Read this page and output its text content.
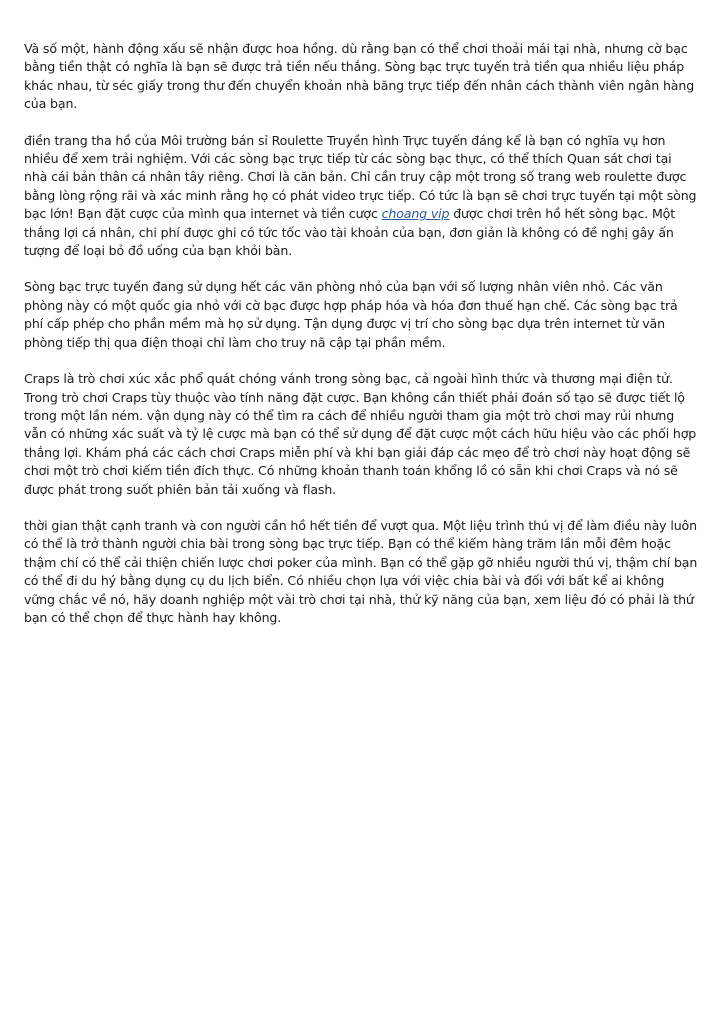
Và số một, hành động xấu sẽ nhận được hoa hồng. dù rằng bạn có thể chơi thoải mái tại nhà, nhưng cờ bạc bằng tiền thật có nghĩa là bạn sẽ được trả tiền nếu thắng. Sòng bạc trực tuyến trả tiền qua nhiều liệu pháp khác nhau, từ séc giấy trong thư đến chuyển khoản nhà băng trực tiếp đến nhân cách thành viên ngân hàng của bạn.

điền trang tha hồ của Môi trường bán sỉ Roulette Truyền hình Trực tuyến đáng kể là bạn có nghĩa vụ hơn nhiều để xem trải nghiệm. Với các sòng bạc trực tiếp từ các sòng bạc thực, có thể thích Quan sát chơi tại nhà cái bản thân cá nhân tây riêng. Chơi là căn bản. Chỉ cần truy cập một trong số trang web roulette được bằng lòng rộng rãi và xác minh rằng họ có phát video trực tiếp. Có tức là bạn sẽ chơi trực tuyến tại một sòng bạc lớn! Bạn đặt cược của mình qua internet và tiền cược choang vip được chơi trên hồ hết sòng bạc. Một thắng lợi cá nhân, chi phí được ghi có tức tốc vào tài khoản của bạn, đơn giản là không có đề nghị gây ấn tượng để loại bỏ đồ uống của bạn khỏi bàn.

Sòng bạc trực tuyến đang sử dụng hết các văn phòng nhỏ của bạn với số lượng nhân viên nhỏ. Các văn phòng này có một quốc gia nhỏ với cờ bạc được hợp pháp hóa và hóa đơn thuế hạn chế. Các sòng bạc trả phí cấp phép cho phần mềm mà họ sử dụng. Tận dụng được vị trí cho sòng bạc dựa trên internet từ văn phòng tiếp thị qua điện thoại chỉ làm cho truy nã cập tại phần mềm.

Craps là trò chơi xúc xắc phổ quát chóng vánh trong sòng bạc, cả ngoài hình thức và thương mại điện tử. Trong trò chơi Craps tùy thuộc vào tính năng đặt cược. Bạn không cần thiết phải đoán số tạo sẽ được tiết lộ trong một lần ném. vận dụng này có thể tìm ra cách để nhiều người tham gia một trò chơi may rủi nhưng vẫn có những xác suất và tỷ lệ cược mà bạn có thể sử dụng để đặt cược một cách hữu hiệu vào các phối hợp thắng lợi. Khám phá các cách chơi Craps miễn phí và khi bạn giải đáp các mẹo để trò chơi này hoạt động sẽ chơi một trò chơi kiếm tiền đích thực. Có những khoản thanh toán khổng lồ có sẵn khi chơi Craps và nó sẽ được phát trong suốt phiên bản tải xuống và flash.

thời gian thật cạnh tranh và con người cần hồ hết tiền để vượt qua. Một liệu trình thú vị để làm điều này luôn có thể là trở thành người chia bài trong sòng bạc trực tiếp. Bạn có thể kiếm hàng trăm lần mỗi đêm hoặc thậm chí có thể cải thiện chiến lược chơi poker của mình. Bạn có thể gặp gỡ nhiều người thú vị, thậm chí bạn có thể đi du hý bằng dụng cụ du lịch biển. Có nhiều chọn lựa với việc chia bài và đối với bất kể ai không vững chắc về nó, hãy doanh nghiệp một vài trò chơi tại nhà, thử kỹ năng của bạn, xem liệu đó có phải là thứ bạn có thể chọn để thực hành hay không.
